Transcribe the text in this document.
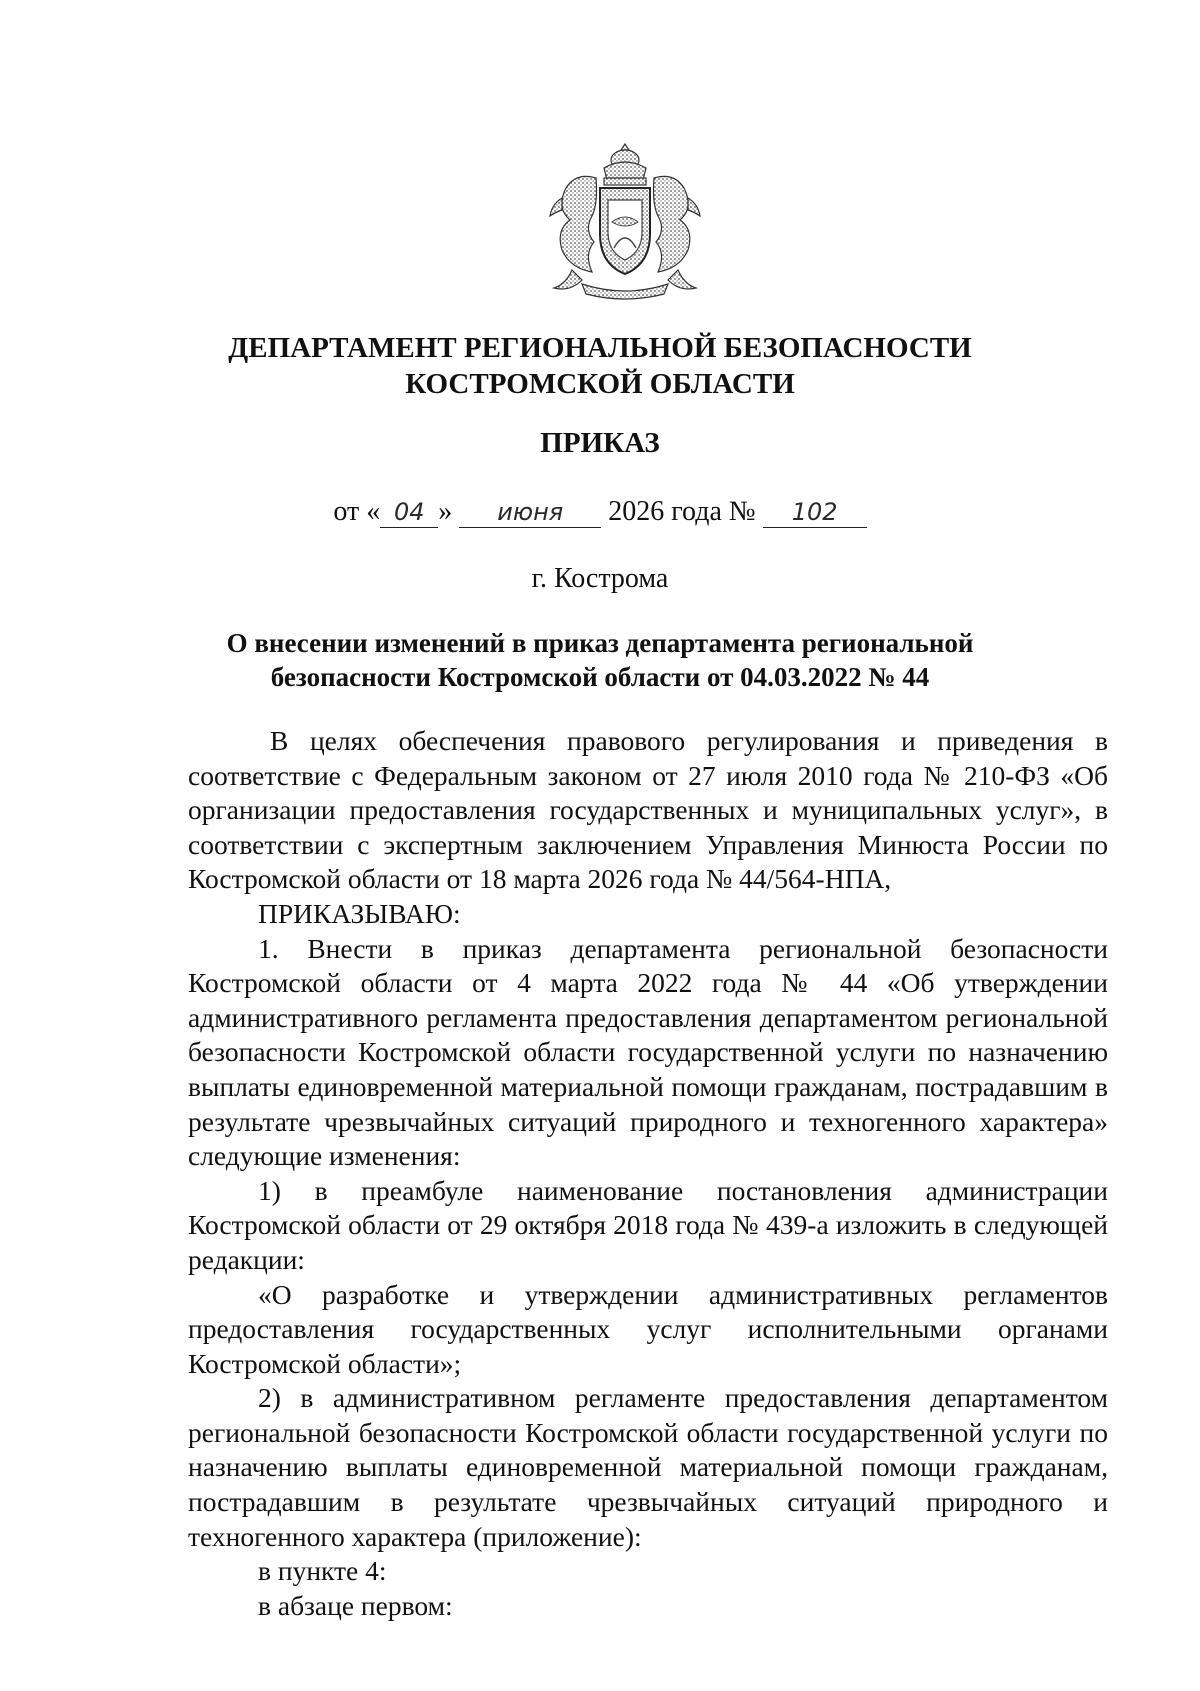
ДЕПАРТАМЕНТ РЕГИОНАЛЬНОЙ БЕЗОПАСНОСТИ
КОСТРОМСКОЙ ОБЛАСТИ
ПРИКАЗ
от « 04 » июня 2026 года № 102
г. Кострома
О внесении изменений в приказ департамента региональной
безопасности Костромской области от 04.03.2022 № 44

В целях обеспечения правового регулирования и приведения в соответствие с Федеральным законом от 27 июля 2010 года № 210-ФЗ «Об организации предоставления государственных и муниципальных услуг», в соответствии с экспертным заключением Управления Минюста России по Костромской области от 18 марта 2026 года № 44/564-НПА,

ПРИКАЗЫВАЮ:

1. Внести в приказ департамента региональной безопасности Костромской области от 4 марта 2022 года № 44 «Об утверждении административного регламента предоставления департаментом региональной безопасности Костромской области государственной услуги по назначению выплаты единовременной материальной помощи гражданам, пострадавшим в результате чрезвычайных ситуаций природного и техногенного характера» следующие изменения:

1) в преамбуле наименование постановления администрации Костромской области от 29 октября 2018 года № 439-а изложить в следующей редакции:

«О разработке и утверждении административных регламентов предоставления государственных услуг исполнительными органами Костромской области»;

2) в административном регламенте предоставления департаментом региональной безопасности Костромской области государственной услуги по назначению выплаты единовременной материальной помощи гражданам, пострадавшим в результате чрезвычайных ситуаций природного и техногенного характера (приложение):

в пункте 4:

в абзаце первом:
